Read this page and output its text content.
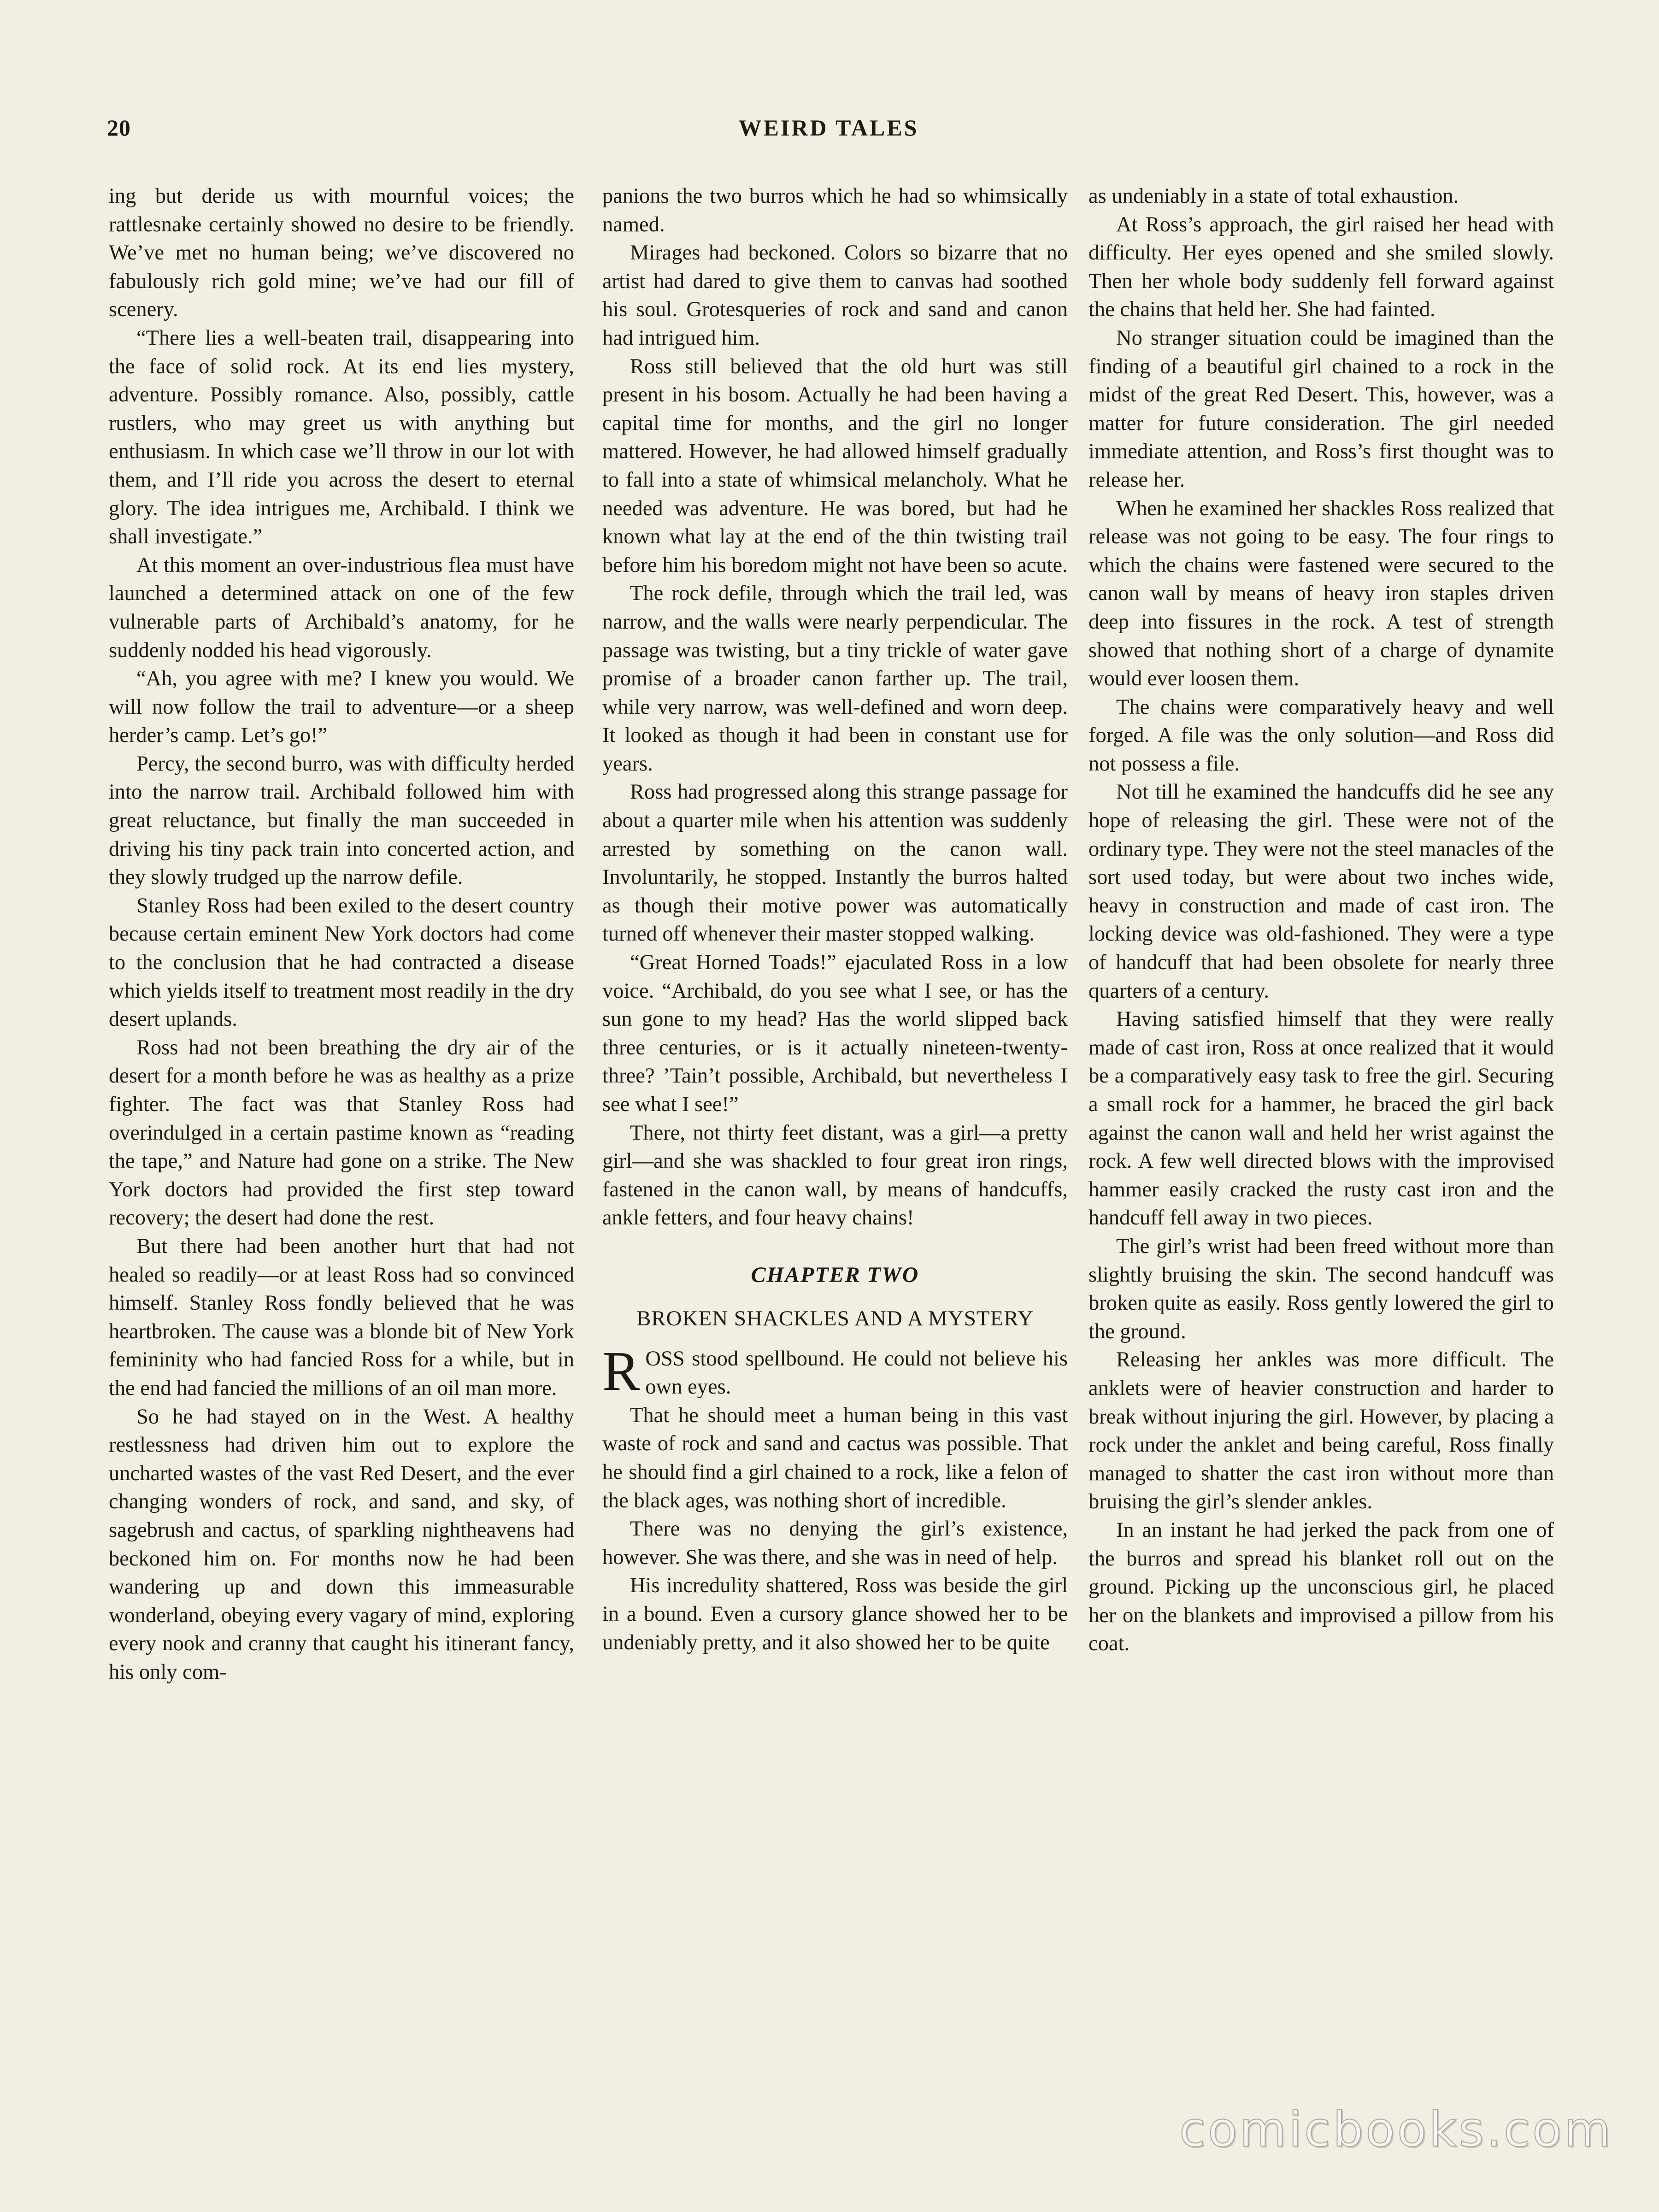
20	WEIRD TALES

ing but deride us with mournful voices; the rattlesnake certainly showed no desire to be friendly. We’ve met no human being; we’ve discovered no fabulously rich gold mine; we’ve had our fill of scenery.

“There lies a well-beaten trail, disappearing into the face of solid rock. At its end lies mystery, adventure. Possibly romance. Also, possibly, cattle rustlers, who may greet us with anything but enthusiasm. In which case we’ll throw in our lot with them, and I’ll ride you across the desert to eternal glory. The idea intrigues me, Archibald. I think we shall investigate.”

At this moment an over-industrious flea must have launched a determined attack on one of the few vulnerable parts of Archibald’s anatomy, for he suddenly nodded his head vigorously.

“Ah, you agree with me? I knew you would. We will now follow the trail to adventure—or a sheep herder’s camp. Let’s go!”

Percy, the second burro, was with difficulty herded into the narrow trail. Archibald followed him with great reluctance, but finally the man succeeded in driving his tiny pack train into concerted action, and they slowly trudged up the narrow defile.

Stanley Ross had been exiled to the desert country because certain eminent New York doctors had come to the conclusion that he had contracted a disease which yields itself to treatment most readily in the dry desert uplands.

Ross had not been breathing the dry air of the desert for a month before he was as healthy as a prize fighter. The fact was that Stanley Ross had overindulged in a certain pastime known as “reading the tape,” and Nature had gone on a strike. The New York doctors had provided the first step toward recovery; the desert had done the rest.

But there had been another hurt that had not healed so readily—or at least Ross had so convinced himself. Stanley Ross fondly believed that he was heartbroken. The cause was a blonde bit of New York femininity who had fancied Ross for a while, but in the end had fancied the millions of an oil man more.

So he had stayed on in the West. A healthy restlessness had driven him out to explore the uncharted wastes of the vast Red Desert, and the ever changing wonders of rock, and sand, and sky, of sagebrush and cactus, of sparkling nightheavens had beckoned him on. For months now he had been wandering up and down this immeasurable wonderland, obeying every vagary of mind, exploring every nook and cranny that caught his itinerant fancy, his only com-

panions the two burros which he had so whimsically named.

Mirages had beckoned. Colors so bizarre that no artist had dared to give them to canvas had soothed his soul. Grotesqueries of rock and sand and canon had intrigued him.

Ross still believed that the old hurt was still present in his bosom. Actually he had been having a capital time for months, and the girl no longer mattered. However, he had allowed himself gradually to fall into a state of whimsical melancholy. What he needed was adventure. He was bored, but had he known what lay at the end of the thin twisting trail before him his boredom might not have been so acute.

The rock defile, through which the trail led, was narrow, and the walls were nearly perpendicular. The passage was twisting, but a tiny trickle of water gave promise of a broader canon farther up. The trail, while very narrow, was well-defined and worn deep. It looked as though it had been in constant use for years.

Ross had progressed along this strange passage for about a quarter mile when his attention was suddenly arrested by something on the canon wall. Involuntarily, he stopped. Instantly the burros halted as though their motive power was automatically turned off whenever their master stopped walking.

“Great Horned Toads!” ejaculated Ross in a low voice. “Archibald, do you see what I see, or has the sun gone to my head? Has the world slipped back three centuries, or is it actually nineteen-twenty-three? ’Tain’t possible, Archibald, but nevertheless I see what I see!”

There, not thirty feet distant, was a girl—a pretty girl—and she was shackled to four great iron rings, fastened in the canon wall, by means of handcuffs, ankle fetters, and four heavy chains!

CHAPTER TWO
BROKEN SHACKLES AND A MYSTERY

ROSS stood spellbound. He could not believe his own eyes.

That he should meet a human being in this vast waste of rock and sand and cactus was possible. That he should find a girl chained to a rock, like a felon of the black ages, was nothing short of incredible.

There was no denying the girl’s existence, however. She was there, and she was in need of help.

His incredulity shattered, Ross was beside the girl in a bound. Even a cursory glance showed her to be undeniably pretty, and it also showed her to be quite

as undeniably in a state of total exhaustion.

At Ross’s approach, the girl raised her head with difficulty. Her eyes opened and she smiled slowly. Then her whole body suddenly fell forward against the chains that held her. She had fainted.

No stranger situation could be imagined than the finding of a beautiful girl chained to a rock in the midst of the great Red Desert. This, however, was a matter for future consideration. The girl needed immediate attention, and Ross’s first thought was to release her.

When he examined her shackles Ross realized that release was not going to be easy. The four rings to which the chains were fastened were secured to the canon wall by means of heavy iron staples driven deep into fissures in the rock. A test of strength showed that nothing short of a charge of dynamite would ever loosen them.

The chains were comparatively heavy and well forged. A file was the only solution—and Ross did not possess a file.

Not till he examined the handcuffs did he see any hope of releasing the girl. These were not of the ordinary type. They were not the steel manacles of the sort used today, but were about two inches wide, heavy in construction and made of cast iron. The locking device was old-fashioned. They were a type of handcuff that had been obsolete for nearly three quarters of a century.

Having satisfied himself that they were really made of cast iron, Ross at once realized that it would be a comparatively easy task to free the girl. Securing a small rock for a hammer, he braced the girl back against the canon wall and held her wrist against the rock. A few well directed blows with the improvised hammer easily cracked the rusty cast iron and the handcuff fell away in two pieces.

The girl’s wrist had been freed without more than slightly bruising the skin. The second handcuff was broken quite as easily. Ross gently lowered the girl to the ground.

Releasing her ankles was more difficult. The anklets were of heavier construction and harder to break without injuring the girl. However, by placing a rock under the anklet and being careful, Ross finally managed to shatter the cast iron without more than bruising the girl’s slender ankles.

In an instant he had jerked the pack from one of the burros and spread his blanket roll out on the ground. Picking up the unconscious girl, he placed her on the blankets and improvised a pillow from his coat.

comicbooks.com
